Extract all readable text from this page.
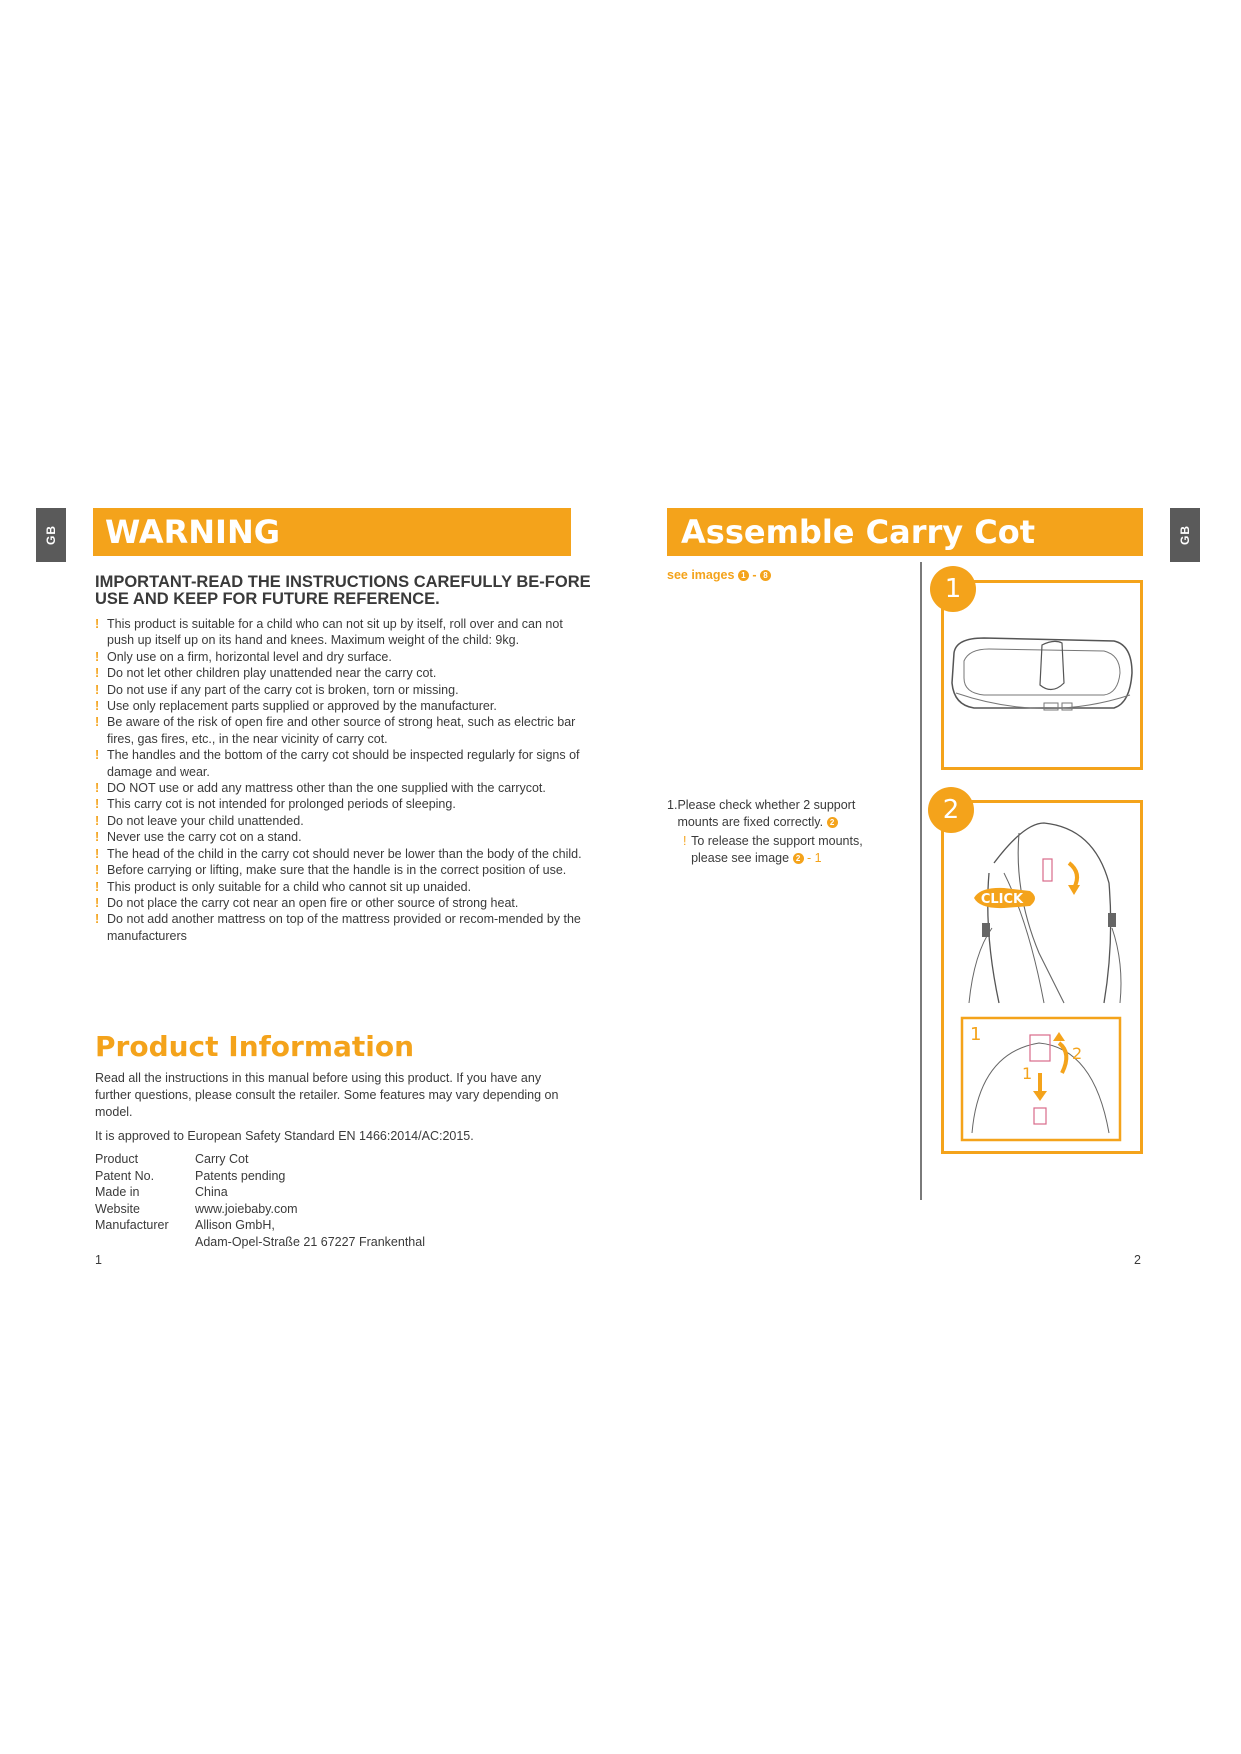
GB	WARNING
IMPORTANT-READ THE INSTRUCTIONS CAREFULLY BE-FORE USE AND KEEP FOR FUTURE REFERENCE.
! This product is suitable for a child who can not sit up by itself, roll over and can not push up itself up on its hand and knees. Maximum weight of the child: 9kg.
! Only use on a firm, horizontal level and dry surface.
! Do not let other children play unattended near the carry cot.
! Do not use if any part of the carry cot is broken, torn or missing.
! Use only replacement parts supplied or approved by the manufacturer.
! Be aware of the risk of open fire and other source of strong heat, such as electric bar fires, gas fires, etc., in the near vicinity of carry cot.
! The handles and the bottom of the carry cot should be inspected regularly for signs of damage and wear.
! DO NOT use or add any mattress other than the one supplied with the carrycot.
! This carry cot is not intended for prolonged periods of sleeping.
! Do not leave your child unattended.
! Never use the carry cot on a stand.
! The head of the child in the carry cot should never be lower than the body of the child.
! Before carrying or lifting, make sure that the handle is in the correct position of use.
! This product is only suitable for a child who cannot sit up unaided.
! Do not place the carry cot near an open fire or other source of strong heat.
! Do not add another mattress on top of the mattress provided or recom-mended by the manufacturers
Product Information
Read all the instructions in this manual before using this product. If you have any further questions, please consult the retailer. Some features may vary depending on model.
It is approved to European Safety Standard EN 1466:2014/AC:2015.
Product	Carry Cot
Patent No.	Patents pending
Made in	China
Website	www.joiebaby.com
Manufacturer	Allison GmbH,
Adam-Opel-Straße 21 67227 Frankenthal
1
Assemble Carry Cot	GB
see images 1 - 8
1. Please check whether 2 support mounts are fixed correctly. 2
! To release the support mounts, please see image 2 - 1
1
CLICK
1
1
2
2
2
